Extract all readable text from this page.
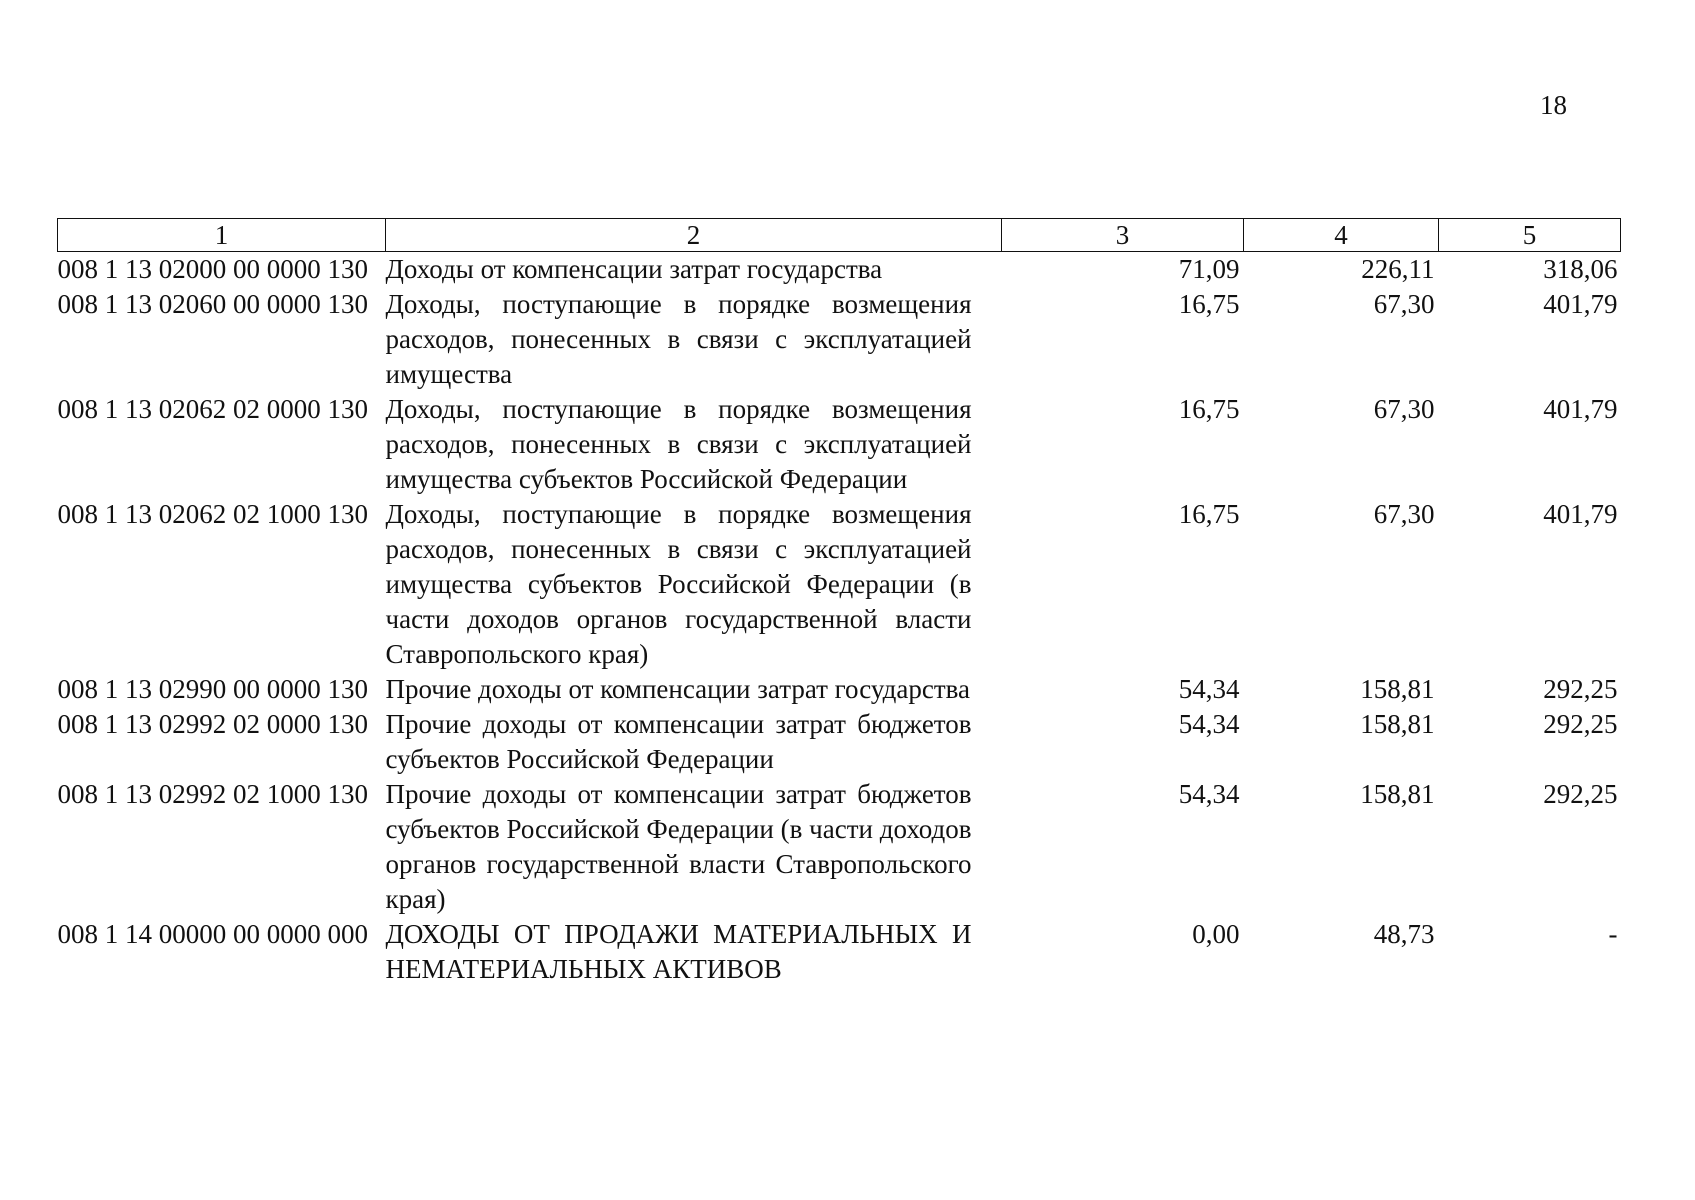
18
1	2	3	4	5
008 1 13 02000 00 0000 130	Доходы от компенсации затрат государства	71,09	226,11	318,06
008 1 13 02060 00 0000 130	Доходы, поступающие в порядке возмещения расходов, понесенных в связи с эксплуатацией имущества	16,75	67,30	401,79
008 1 13 02062 02 0000 130	Доходы, поступающие в порядке возмещения расходов, понесенных в связи с эксплуатацией имущества субъектов Российской Федерации	16,75	67,30	401,79
008 1 13 02062 02 1000 130	Доходы, поступающие в порядке возмещения расходов, понесенных в связи с эксплуатацией имущества субъектов Российской Федерации (в части доходов органов государственной власти Ставропольского края)	16,75	67,30	401,79
008 1 13 02990 00 0000 130	Прочие доходы от компенсации затрат государства	54,34	158,81	292,25
008 1 13 02992 02 0000 130	Прочие доходы от компенсации затрат бюджетов субъектов Российской Федерации	54,34	158,81	292,25
008 1 13 02992 02 1000 130	Прочие доходы от компенсации затрат бюджетов субъектов Российской Федерации (в части доходов органов государственной власти Ставропольского края)	54,34	158,81	292,25
008 1 14 00000 00 0000 000	ДОХОДЫ ОТ ПРОДАЖИ МАТЕРИАЛЬНЫХ И НЕМАТЕРИАЛЬНЫХ АКТИВОВ	0,00	48,73	-
